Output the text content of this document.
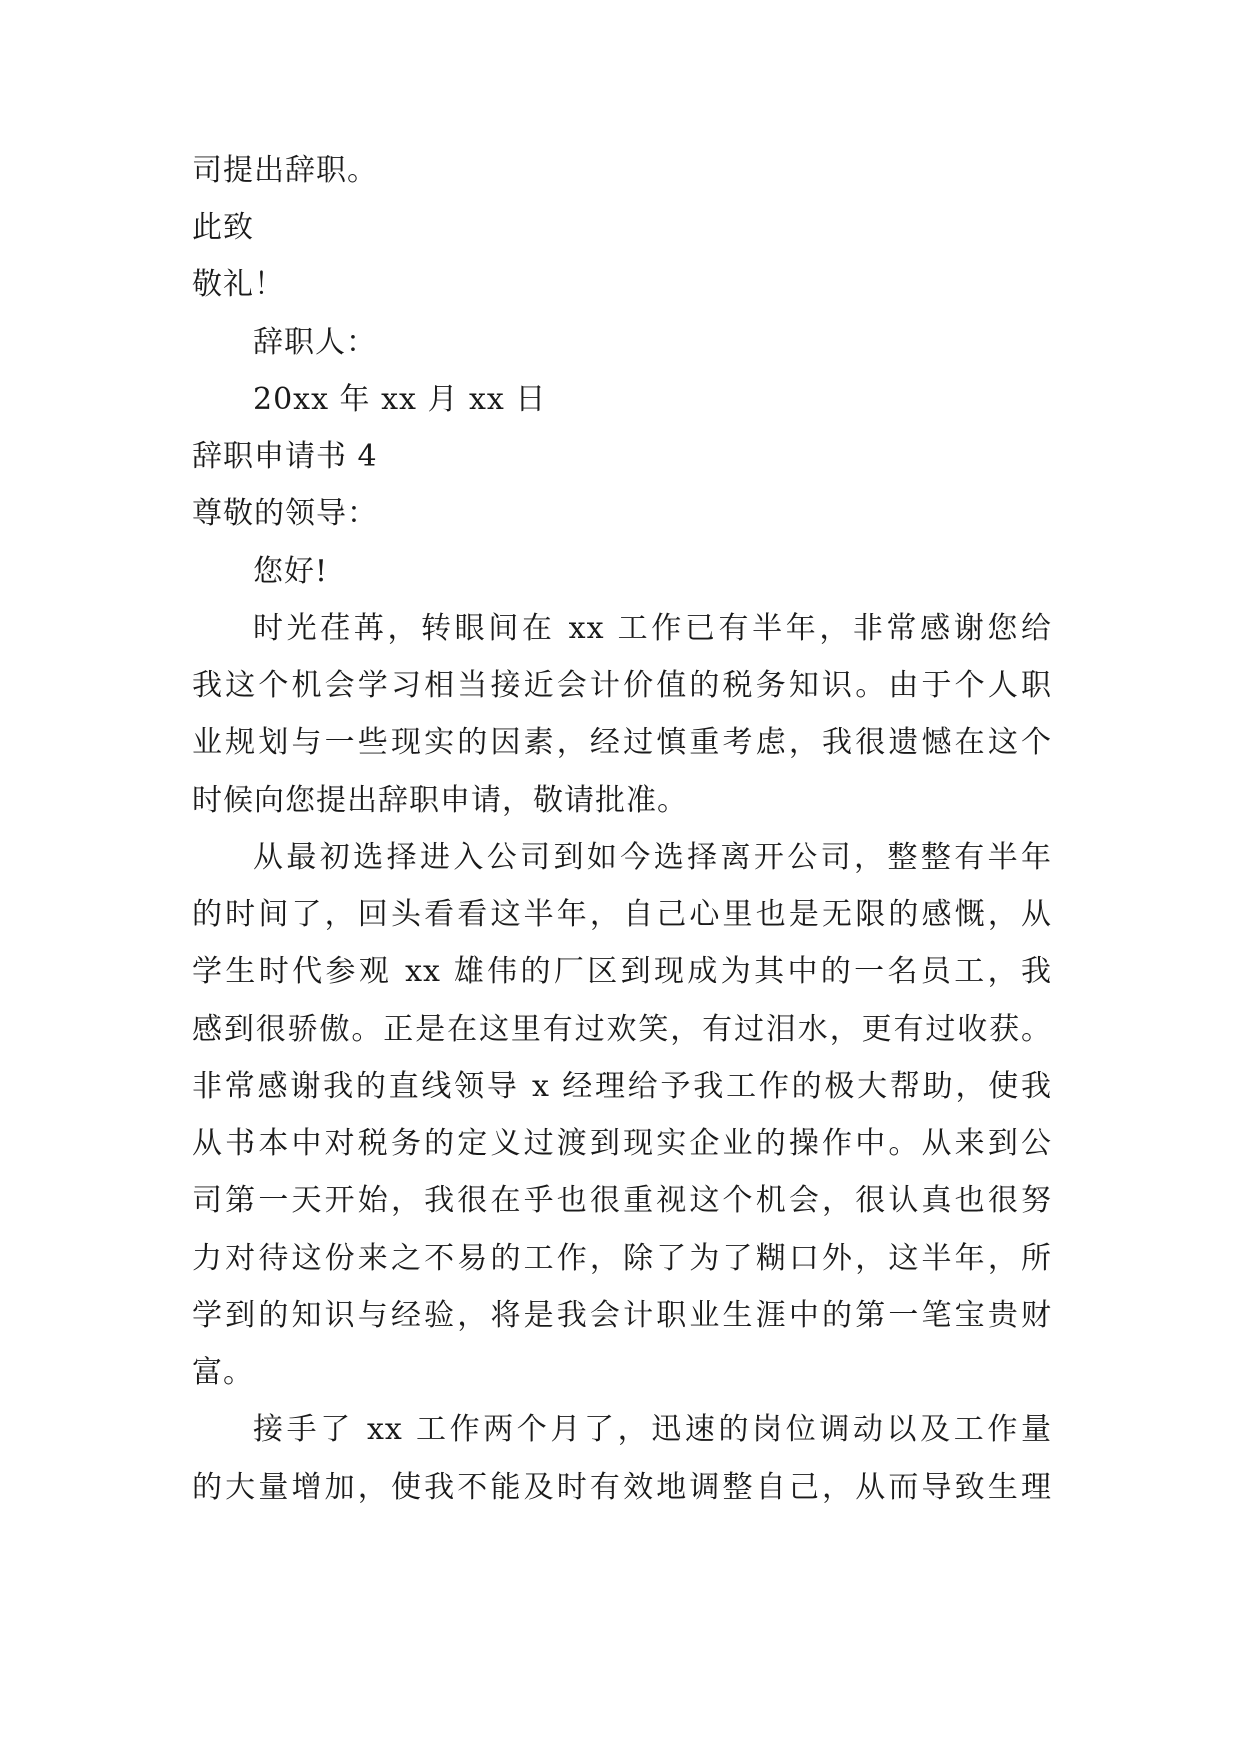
司提出辞职。
此致
敬礼！
辞职人：
20xx 年 xx 月 xx 日
辞职申请书 4
尊敬的领导：
您好!
时光荏苒，转眼间在 xx 工作已有半年，非常感谢您给
我这个机会学习相当接近会计价值的税务知识。由于个人职
业规划与一些现实的因素，经过慎重考虑，我很遗憾在这个
时候向您提出辞职申请，敬请批准。
从最初选择进入公司到如今选择离开公司，整整有半年
的时间了，回头看看这半年，自己心里也是无限的感慨，从
学生时代参观 xx 雄伟的厂区到现成为其中的一名员工，我
感到很骄傲。正是在这里有过欢笑，有过泪水，更有过收获。
非常感谢我的直线领导 x 经理给予我工作的极大帮助，使我
从书本中对税务的定义过渡到现实企业的操作中。从来到公
司第一天开始，我很在乎也很重视这个机会，很认真也很努
力对待这份来之不易的工作，除了为了糊口外，这半年，所
学到的知识与经验，将是我会计职业生涯中的第一笔宝贵财
富。
接手了 xx 工作两个月了，迅速的岗位调动以及工作量
的大量增加，使我不能及时有效地调整自己，从而导致生理
